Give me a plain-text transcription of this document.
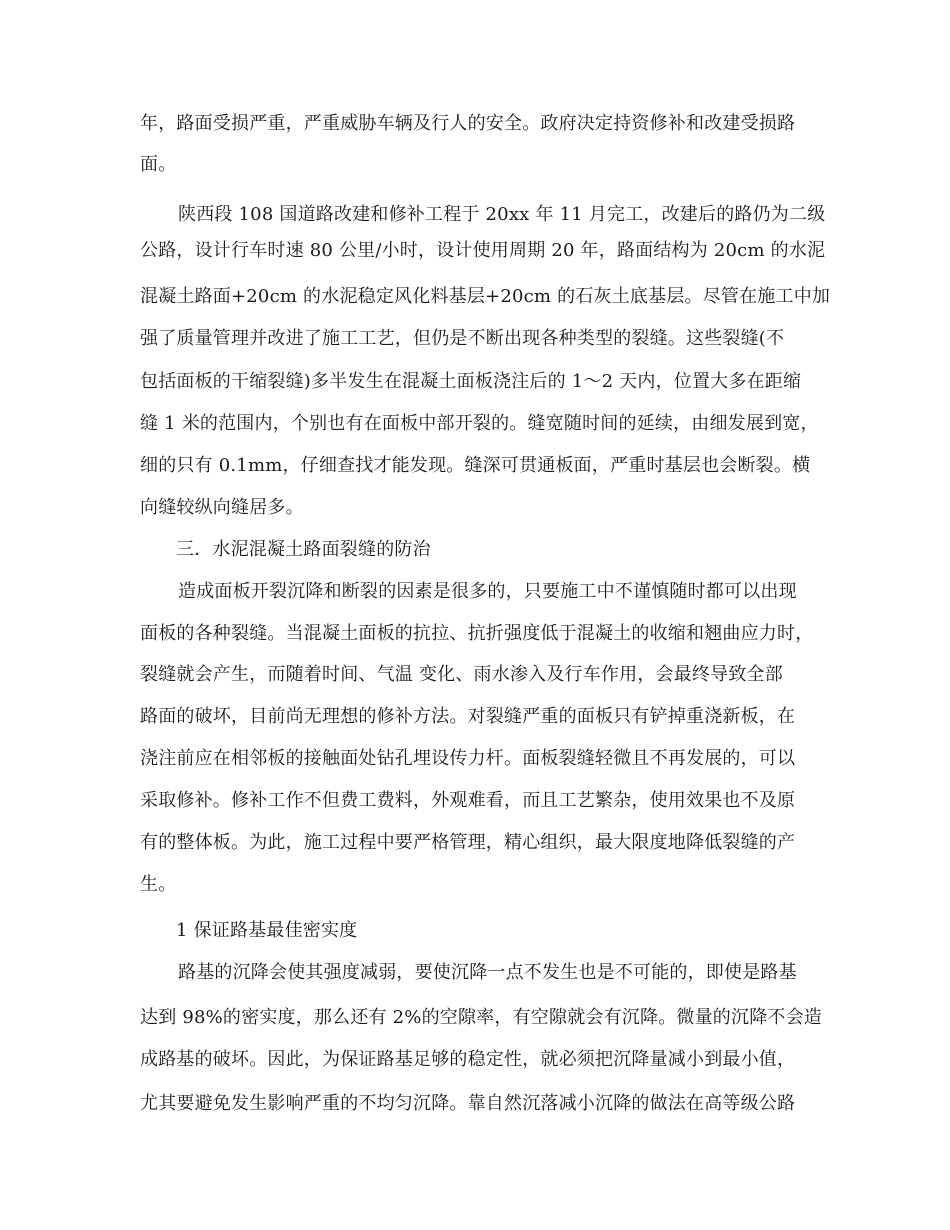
年，路面受损严重，严重威胁车辆及行人的安全。政府决定持资修补和改建受损路
面。
陕西段 108 国道路改建和修补工程于 20xx 年 11 月完工，改建后的路仍为二级
公路，设计行车时速 80 公里/小时，设计使用周期 20 年，路面结构为 20cm 的水泥
混凝土路面+20cm 的水泥稳定风化料基层+20cm 的石灰土底基层。尽管在施工中加
强了质量管理并改进了施工工艺，但仍是不断出现各种类型的裂缝。这些裂缝(不
包括面板的干缩裂缝)多半发生在混凝土面板浇注后的 1～2 天内，位置大多在距缩
缝 1 米的范围内，个别也有在面板中部开裂的。缝宽随时间的延续，由细发展到宽，
细的只有 0.1mm，仔细查找才能发现。缝深可贯通板面，严重时基层也会断裂。横
向缝较纵向缝居多。
三．水泥混凝土路面裂缝的防治
造成面板开裂沉降和断裂的因素是很多的，只要施工中不谨慎随时都可以出现
面板的各种裂缝。当混凝土面板的抗拉、抗折强度低于混凝土的收缩和翘曲应力时，
裂缝就会产生，而随着时间、气温 变化、雨水渗入及行车作用，会最终导致全部
路面的破坏，目前尚无理想的修补方法。对裂缝严重的面板只有铲掉重浇新板，在
浇注前应在相邻板的接触面处钻孔埋设传力杆。面板裂缝轻微且不再发展的，可以
采取修补。修补工作不但费工费料，外观难看，而且工艺繁杂，使用效果也不及原
有的整体板。为此，施工过程中要严格管理，精心组织，最大限度地降低裂缝的产
生。
1 保证路基最佳密实度
路基的沉降会使其强度减弱，要使沉降一点不发生也是不可能的，即使是路基
达到 98%的密实度，那么还有 2%的空隙率，有空隙就会有沉降。微量的沉降不会造
成路基的破坏。因此，为保证路基足够的稳定性，就必须把沉降量减小到最小值，
尤其要避免发生影响严重的不均匀沉降。靠自然沉落减小沉降的做法在高等级公路
